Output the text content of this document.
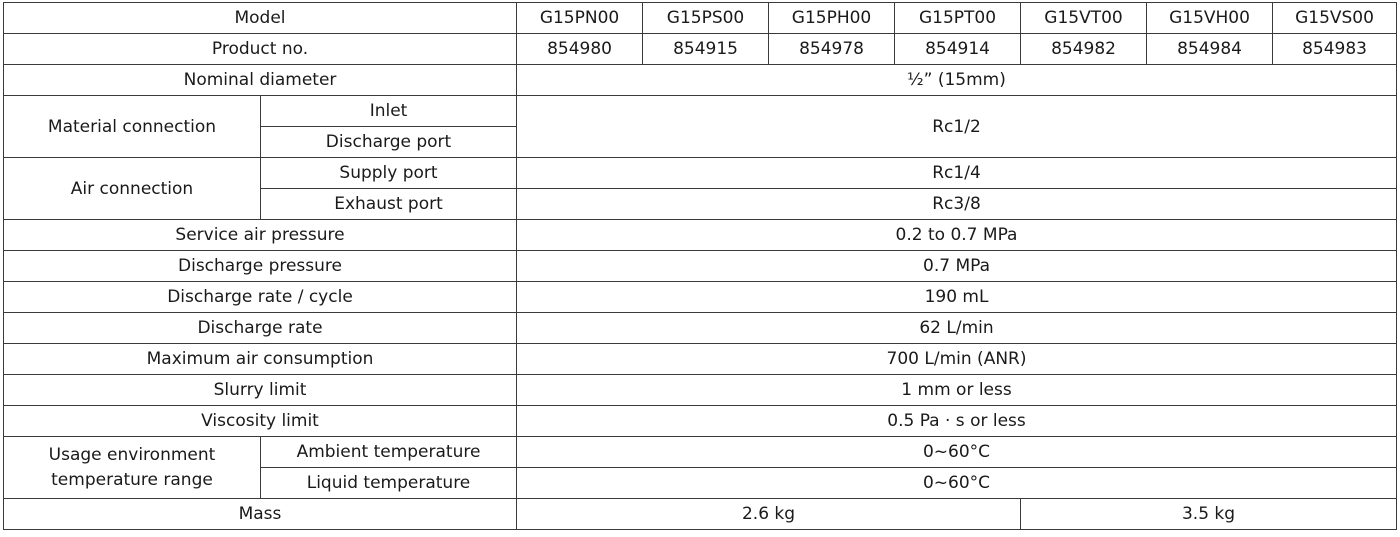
Model		G15PN00	G15PS00	G15PH00	G15PT00	G15VT00	G15VH00	G15VS00
Product no.		854980	854915	854978	854914	854982	854984	854983
Nominal diameter		½” (15mm)						
Material connection	Inlet	Rc1/2						
	Discharge port							
Air connection	Supply port	Rc1/4						
	Exhaust port	Rc3/8						
Service air pressure		0.2 to 0.7 MPa						
Discharge pressure		0.7 MPa						
Discharge rate / cycle		190 mL						
Discharge rate		62 L/min						
Maximum air consumption		700 L/min (ANR)						
Slurry limit		1 mm or less						
Viscosity limit		0.5 Pa · s or less						
Usage environment temperature range	Ambient temperature	0~60°C						
	Liquid temperature	0~60°C						
Mass		2.6 kg				3.5 kg		
